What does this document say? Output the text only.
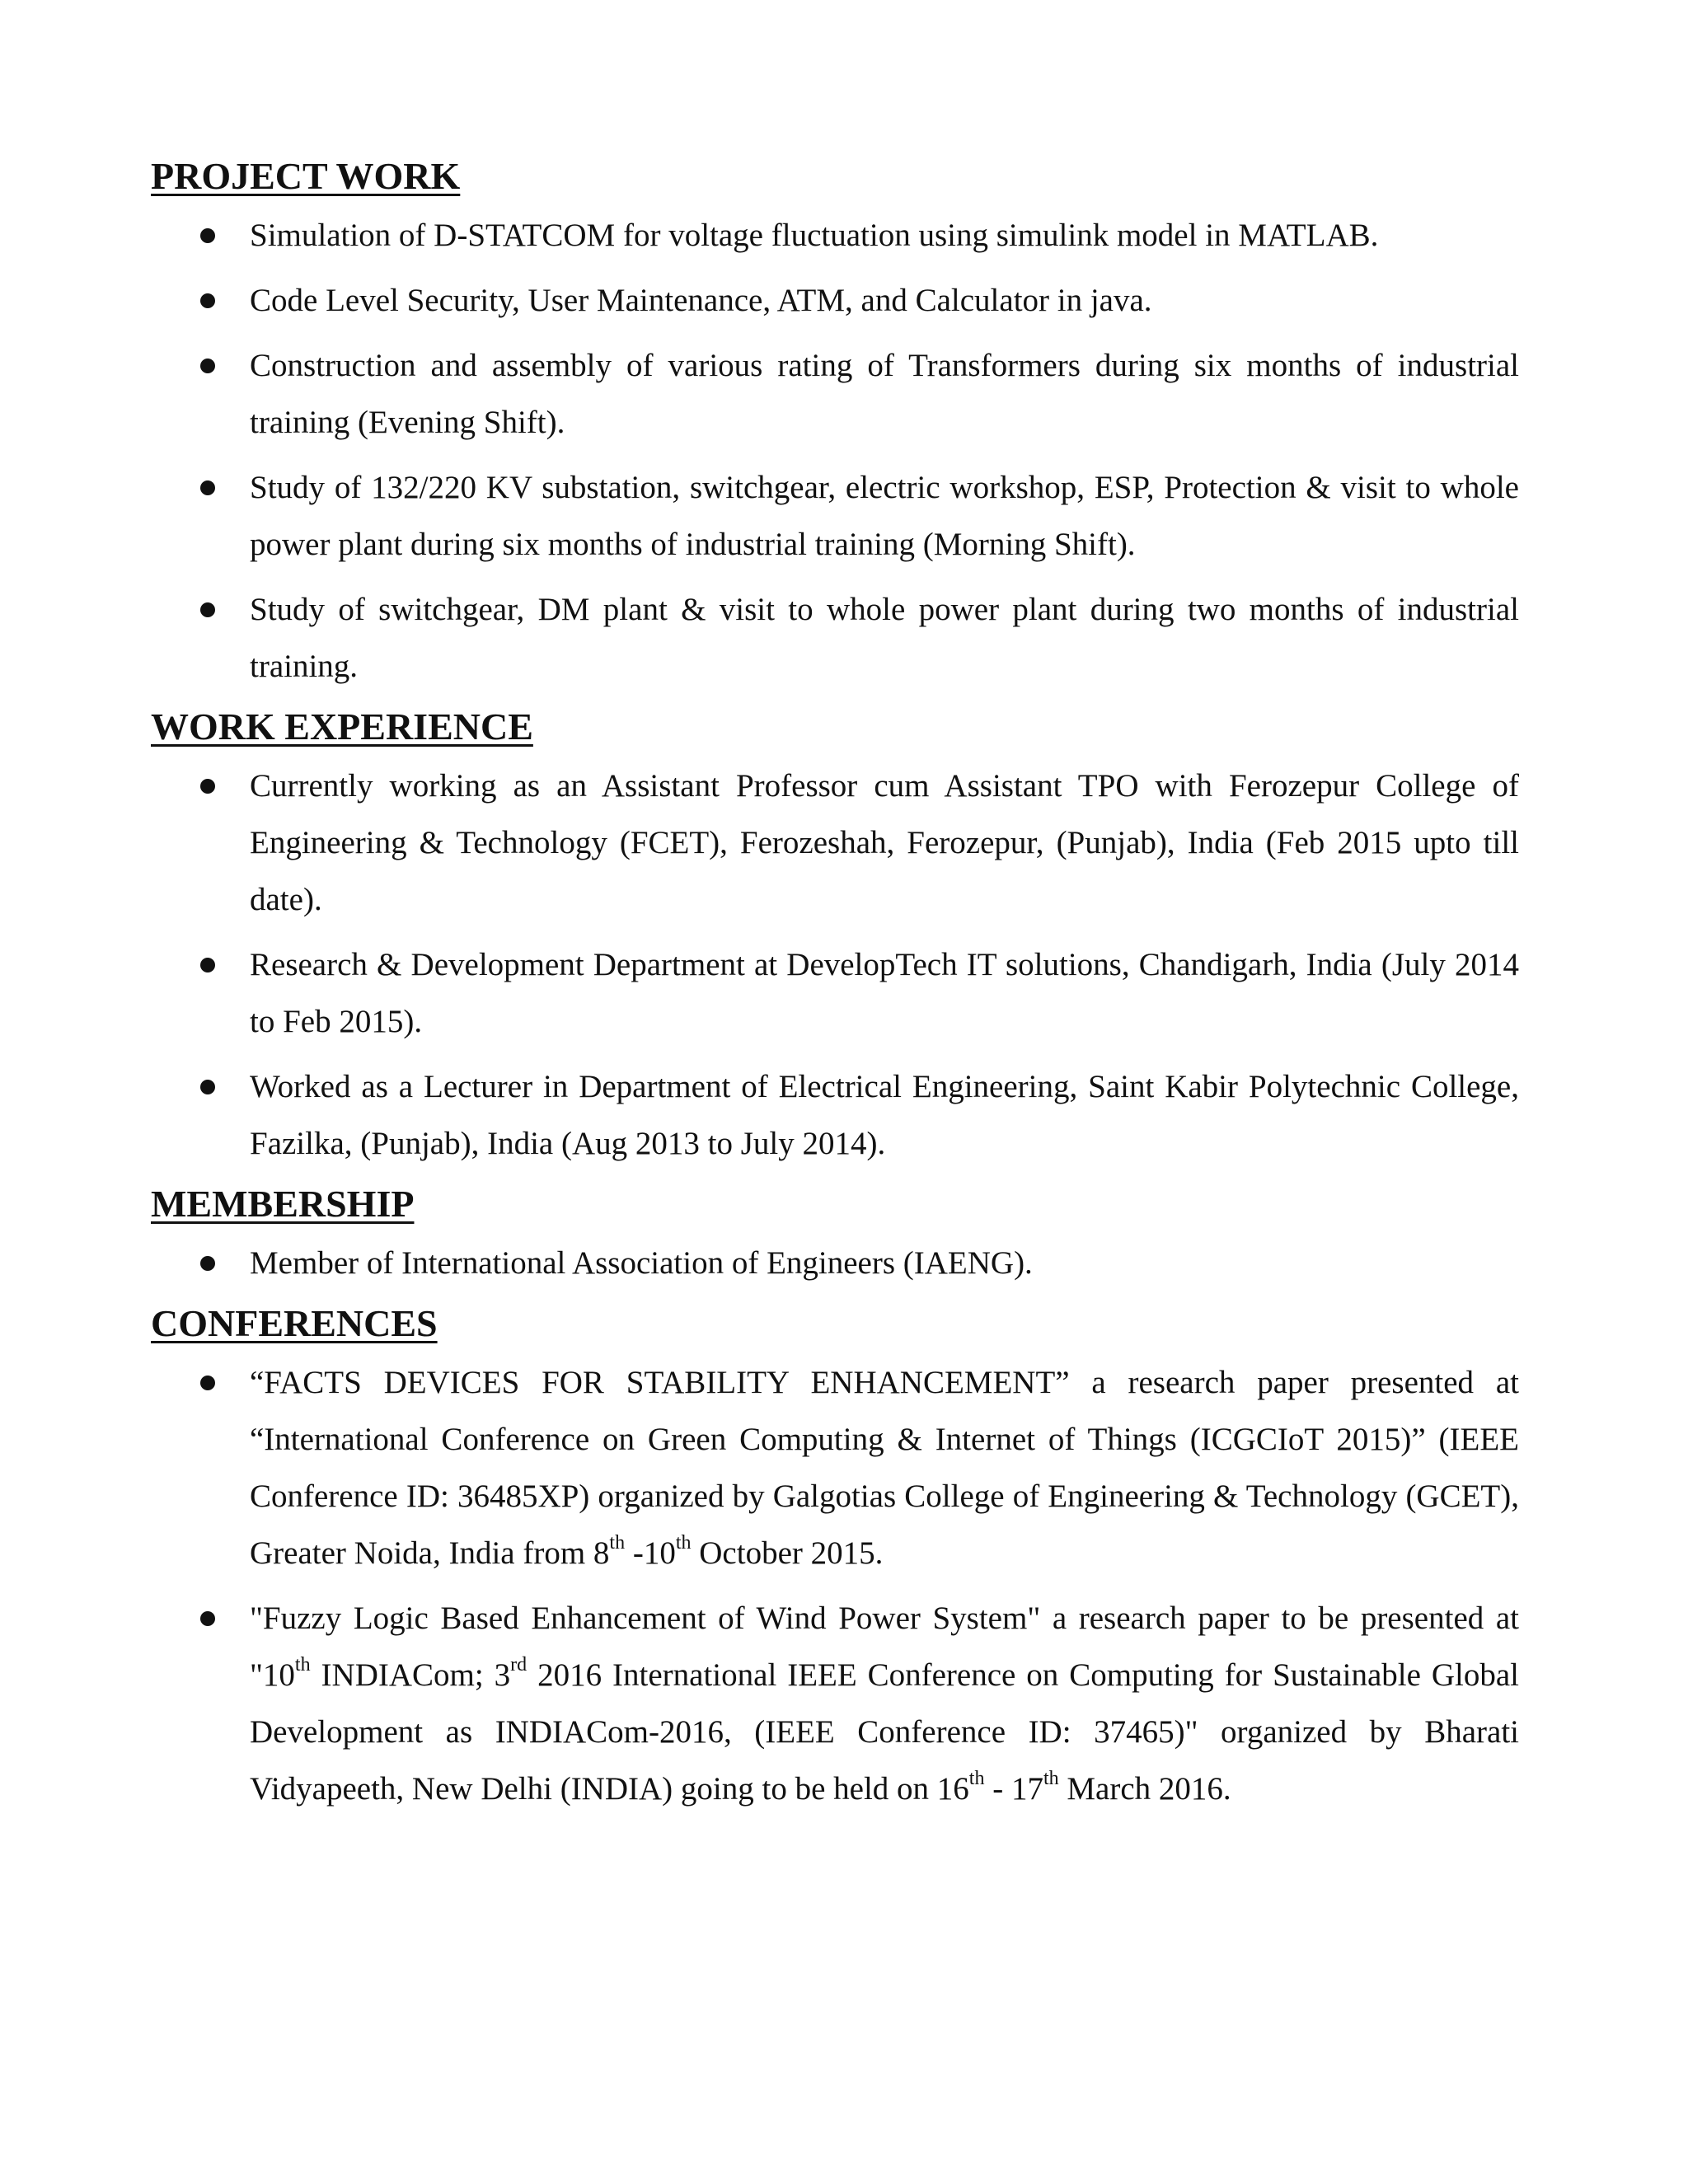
PROJECT WORK
Simulation of D-STATCOM for voltage fluctuation using simulink model in MATLAB.
Code Level Security, User Maintenance, ATM, and Calculator in java.
Construction and assembly of various rating of Transformers during six months of industrial training (Evening Shift).
Study of 132/220 KV substation, switchgear, electric workshop, ESP, Protection & visit to whole power plant during six months of industrial training (Morning Shift).
Study of switchgear, DM plant & visit to whole power plant during two months of industrial training.
WORK EXPERIENCE
Currently working as an Assistant Professor cum Assistant TPO with Ferozepur College of Engineering & Technology (FCET), Ferozeshah, Ferozepur, (Punjab), India (Feb 2015 upto till date).
Research & Development Department at DevelopTech IT solutions, Chandigarh, India (July 2014 to Feb 2015).
Worked as a Lecturer in Department of Electrical Engineering, Saint Kabir Polytechnic College, Fazilka, (Punjab), India (Aug 2013 to July 2014).
MEMBERSHIP
Member of International Association of Engineers (IAENG).
CONFERENCES
“FACTS DEVICES FOR STABILITY ENHANCEMENT” a research paper presented at “International Conference on Green Computing & Internet of Things (ICGCIoT 2015)” (IEEE Conference ID: 36485XP) organized by Galgotias College of Engineering & Technology (GCET), Greater Noida, India from 8th -10th October 2015.
"Fuzzy Logic Based Enhancement of Wind Power System" a research paper to be presented at "10th INDIACom; 3rd 2016 International IEEE Conference on Computing for Sustainable Global Development as INDIACom-2016, (IEEE Conference ID: 37465)" organized by Bharati Vidyapeeth, New Delhi (INDIA) going to be held on 16th - 17th March 2016.
